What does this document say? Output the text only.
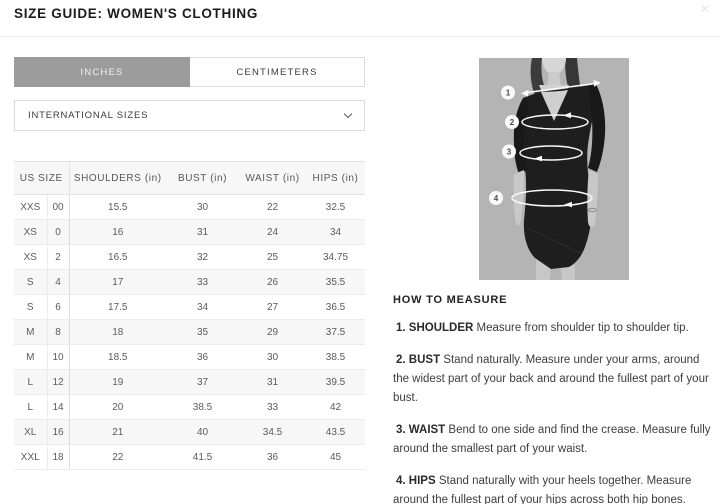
SIZE GUIDE: WOMEN'S CLOTHING	✕
INCHES	CENTIMETERS
INTERNATIONAL SIZES
US SIZE		SHOULDERS (in)	BUST (in)	WAIST (in)	HIPS (in)
XXS	00	15.5	30	22	32.5
XS	0	16	31	24	34
XS	2	16.5	32	25	34.75
S	4	17	33	26	35.5
S	6	17.5	34	27	36.5
M	8	18	35	29	37.5
M	10	18.5	36	30	38.5
L	12	19	37	31	39.5
L	14	20	38.5	33	42
XL	16	21	40	34.5	43.5
XXL	18	22	41.5	36	45
1
2
3
4
HOW TO MEASURE

1. SHOULDER Measure from shoulder tip to shoulder tip.

2. BUST Stand naturally. Measure under your arms, around the widest part of your back and around the fullest part of your bust.

3. WAIST Bend to one side and find the crease. Measure fully around the smallest part of your waist.

4. HIPS Stand naturally with your heels together. Measure around the fullest part of your hips across both hip bones.
